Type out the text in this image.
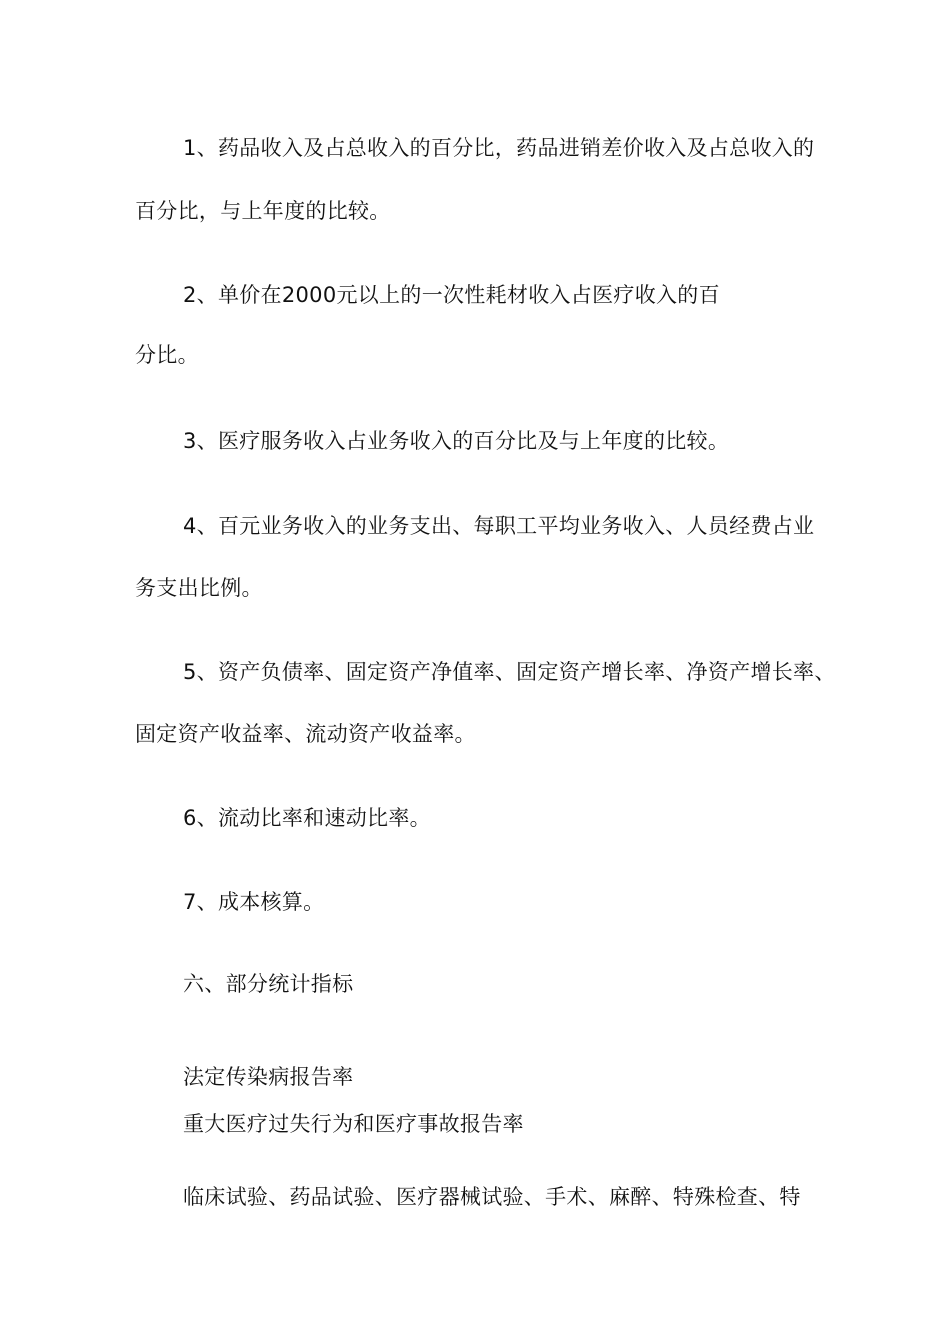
1、药品收入及占总收入的百分比，药品进销差价收入及占总收入的
百分比，与上年度的比较。
2、单价在2000元以上的一次性耗材收入占医疗收入的百
分比。
3、医疗服务收入占业务收入的百分比及与上年度的比较。
4、百元业务收入的业务支出、每职工平均业务收入、人员经费占业
务支出比例。
5、资产负债率、固定资产净值率、固定资产增长率、净资产增长率、
固定资产收益率、流动资产收益率。
6、流动比率和速动比率。
7、成本核算。
六、部分统计指标
法定传染病报告率
重大医疗过失行为和医疗事故报告率
临床试验、药品试验、医疗器械试验、手术、麻醉、特殊检查、特
